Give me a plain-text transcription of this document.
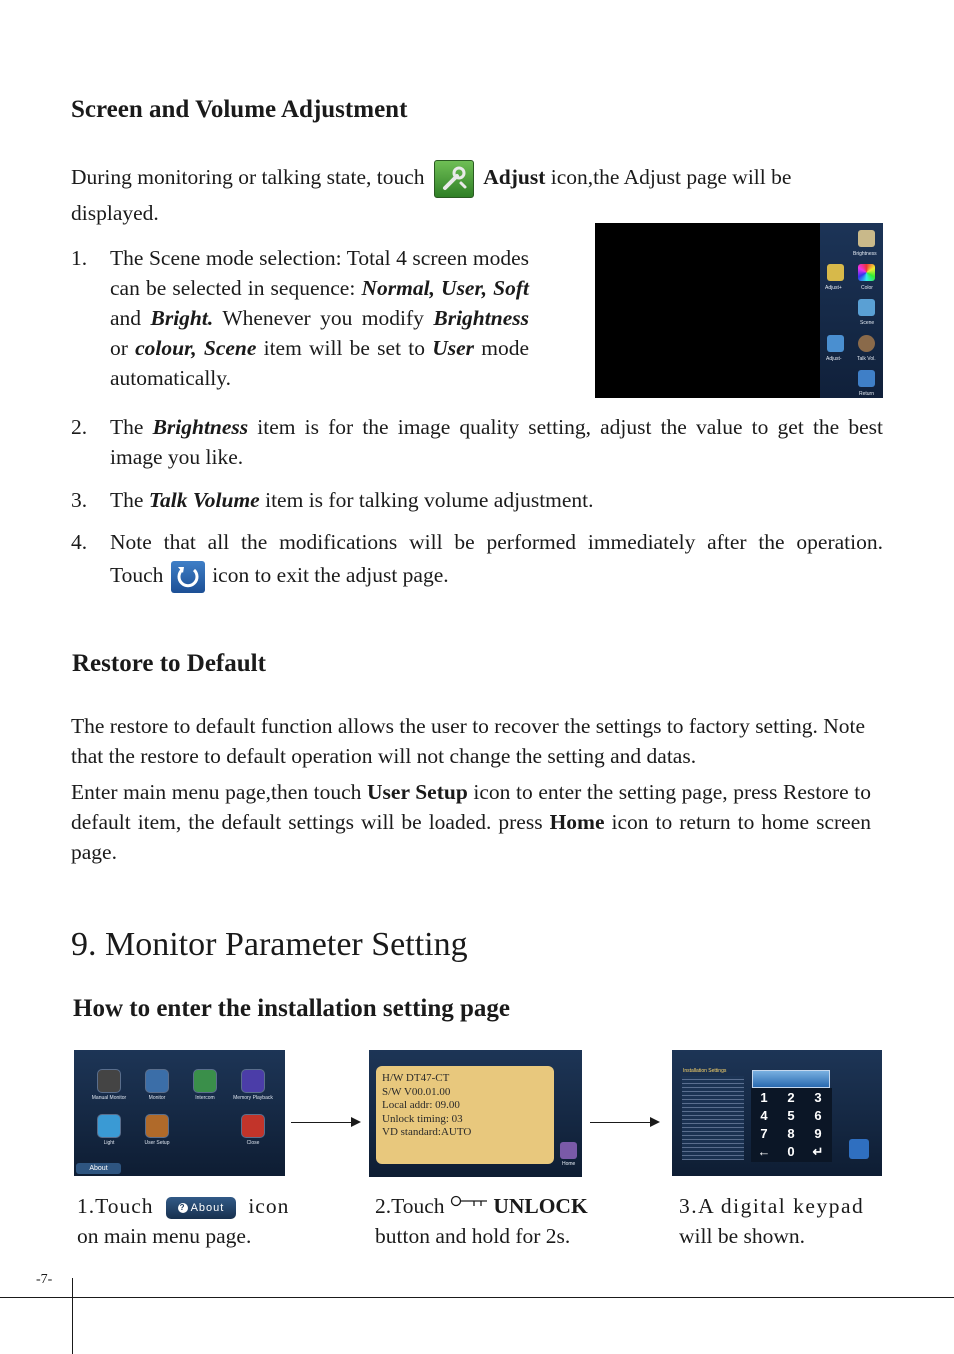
Screen and Volume Adjustment

During monitoring or talking state, touch	Adjust icon,the Adjust page will be
displayed.

1. The Scene mode selection: Total 4 screen modes can be selected in sequence: Normal, User, Soft and Bright. Whenever you modify Brightness or colour, Scene item will be set to User mode automatically.

Brightness
Adjust+	Color
Scene
Adjust-	Talk Vol.
Return
2. The Brightness item is for the image quality setting, adjust the value to get the best image you like.

3. The Talk Volume item is for talking volume adjustment.

4. Note that all the modifications will be performed immediately after the operation.

Touch icon to exit the adjust page.

Restore to Default

The restore to default function allows the user to recover the settings to factory setting. Note that the restore to default operation will not change the setting and datas.

Enter main menu page,then touch User Setup icon to enter the setting page, press Restore to default item, the default settings will be loaded. press Home icon to return to home screen page.

9. Monitor Parameter Setting
How to enter the installation setting page
Manual Monitor	Monitor	Intercom	Memory Playback
Light	User Setup	Close
About
H/W DT47-CT
S/W V00.01.00
Local addr: 09.00
Unlock timing: 03
VD standard:AUTO
Home
Installation Settings
1	2	3
4	5	6
7	8	9
←	0	↵
1.Touch	? About icon
on main menu page.
2.Touch UNLOCK
button and hold for 2s.
3.A digital keypad
will be shown.
-7-
